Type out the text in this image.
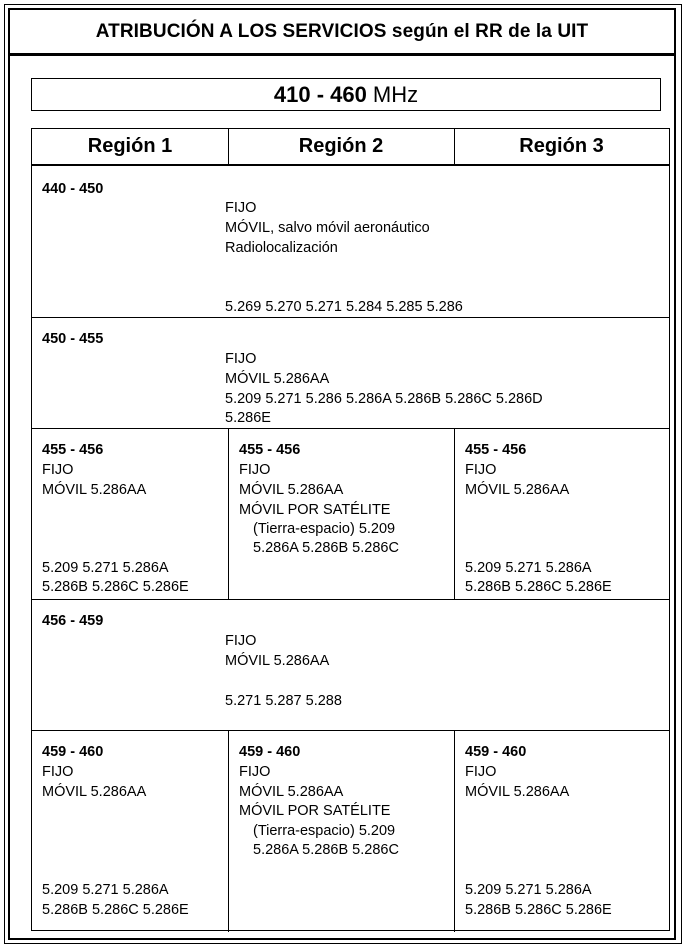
ATRIBUCIÓN A LOS SERVICIOS según el RR de la UIT
410 - 460 MHz
Región 1	Región 2	Región 3
440 - 450
FIJO
MÓVIL, salvo móvil aeronáutico
Radiolocalización
5.269 5.270 5.271 5.284 5.285 5.286
450 - 455
FIJO
MÓVIL 5.286AA
5.209 5.271 5.286 5.286A 5.286B 5.286C 5.286D
5.286E
455 - 456
FIJO
MÓVIL 5.286AA
5.209 5.271 5.286A
5.286B 5.286C 5.286E
455 - 456
FIJO
MÓVIL 5.286AA
MÓVIL POR SATÉLITE
(Tierra-espacio) 5.209
5.286A 5.286B 5.286C
455 - 456
FIJO
MÓVIL 5.286AA
5.209 5.271 5.286A
5.286B 5.286C 5.286E
456 - 459
FIJO
MÓVIL 5.286AA
5.271 5.287 5.288
459 - 460
FIJO
MÓVIL 5.286AA
5.209 5.271 5.286A
5.286B 5.286C 5.286E
459 - 460
FIJO
MÓVIL 5.286AA
MÓVIL POR SATÉLITE
(Tierra-espacio) 5.209
5.286A 5.286B 5.286C
459 - 460
FIJO
MÓVIL 5.286AA
5.209 5.271 5.286A
5.286B 5.286C 5.286E
